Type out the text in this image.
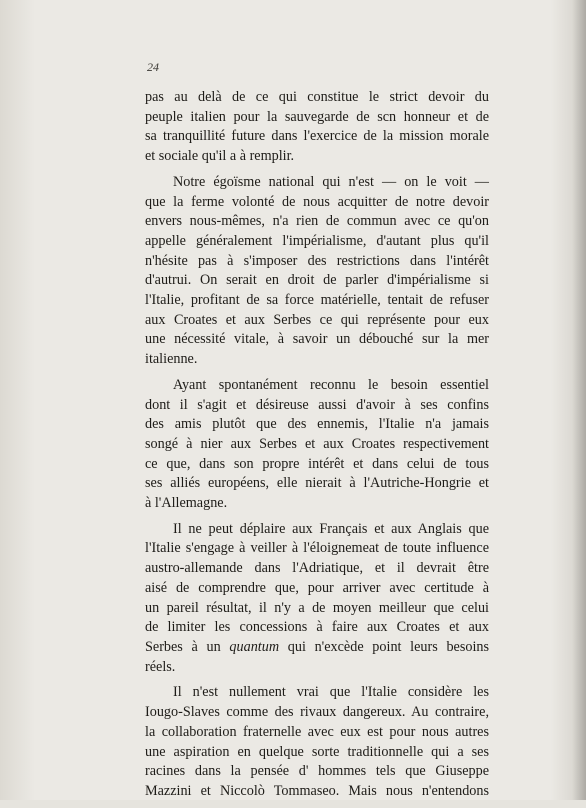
24
pas au delà de ce qui constitue le strict devoir du
peuple italien pour la sauvegarde de scn honneur et de
sa tranquillité future dans l'exercice de la mission morale
et sociale qu'il a à remplir.
Notre égoïsme national qui n'est — on le voit —
que la ferme volonté de nous acquitter de notre devoir
envers nous-mêmes, n'a rien de commun avec ce qu'on
appelle généralement l'impérialisme, d'autant plus qu'il
n'hésite pas à s'imposer des restrictions dans l'intérêt
d'autrui. On serait en droit de parler d'impérialisme si
l'Italie, profitant de sa force matérielle, tentait de refuser
aux Croates et aux Serbes ce qui représente pour eux
une nécessité vitale, à savoir un débouché sur la mer
italienne.
Ayant spontanément reconnu le besoin essentiel
dont il s'agit et désireuse aussi d'avoir à ses confins
des amis plutôt que des ennemis, l'Italie n'a jamais
songé à nier aux Serbes et aux Croates respectivement
ce que, dans son propre intérêt et dans celui de tous
ses alliés européens, elle nierait à l'Autriche-Hongrie et
à l'Allemagne.
Il ne peut déplaire aux Français et aux Anglais que
l'Italie s'engage à veiller à l'éloignemeat de toute influence
austro-allemande dans l'Adriatique, et il devrait être
aisé de comprendre que, pour arriver avec certitude à
un pareil résultat, il n'y a de moyen meilleur que celui
de limiter les concessions à faire aux Croates et aux
Serbes à un quantum qui n'excède point leurs besoins
réels.
Il n'est nullement vrai que l'Italie considère les
Iougo-Slaves comme des rivaux dangereux. Au contraire,
la collaboration fraternelle avec eux est pour nous autres
une aspiration en quelque sorte traditionnelle qui a ses
racines dans la pensée d' hommes tels que Giuseppe
Mazzini et Niccolò Tommaseo. Mais nous n'entendons
